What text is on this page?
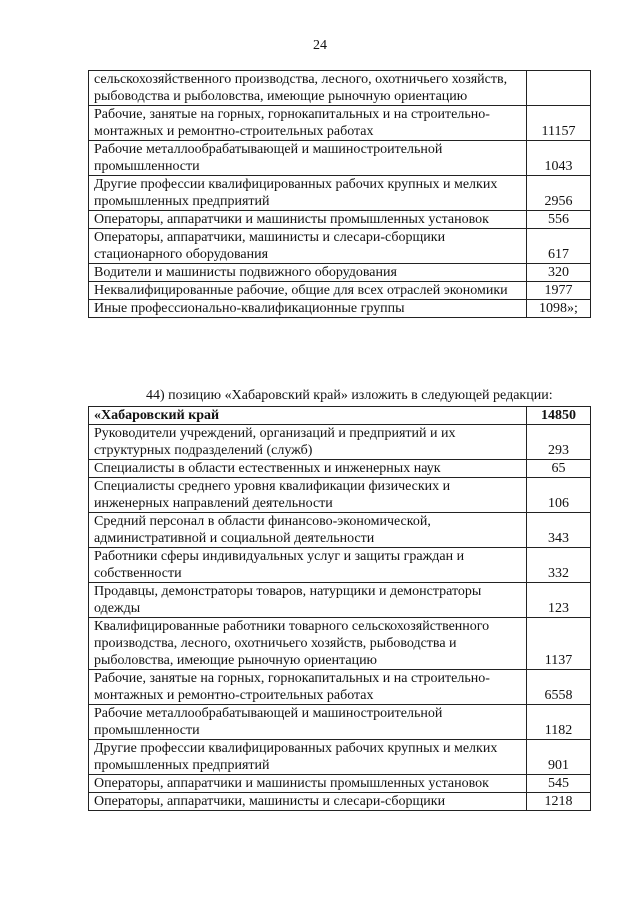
24
сельскохозяйственного производства, лесного, охотничьего хозяйств, рыбоводства и рыболовства, имеющие рыночную ориентацию	
Рабочие, занятые на горных, горнокапитальных и на строительно-монтажных и ремонтно-строительных работах	11157
Рабочие металлообрабатывающей и машиностроительной промышленности	1043
Другие профессии квалифицированных рабочих крупных и мелких промышленных предприятий	2956
Операторы, аппаратчики и машинисты промышленных установок	556
Операторы, аппаратчики, машинисты и слесари-сборщики стационарного оборудования	617
Водители и машинисты подвижного оборудования	320
Неквалифицированные рабочие, общие для всех отраслей экономики	1977
Иные профессионально-квалификационные группы	1098»;
44) позицию «Хабаровский край» изложить в следующей редакции:
«Хабаровский край	14850
Руководители учреждений, организаций и предприятий и их структурных подразделений (служб)	293
Специалисты в области естественных и инженерных наук	65
Специалисты среднего уровня квалификации физических и инженерных направлений деятельности	106
Средний персонал в области финансово-экономической, административной и социальной деятельности	343
Работники сферы индивидуальных услуг и защиты граждан и собственности	332
Продавцы, демонстраторы товаров, натурщики и демонстраторы одежды	123
Квалифицированные работники товарного сельскохозяйственного производства, лесного, охотничьего хозяйств, рыбоводства и рыболовства, имеющие рыночную ориентацию	1137
Рабочие, занятые на горных, горнокапитальных и на строительно-монтажных и ремонтно-строительных работах	6558
Рабочие металлообрабатывающей и машиностроительной промышленности	1182
Другие профессии квалифицированных рабочих крупных и мелких промышленных предприятий	901
Операторы, аппаратчики и машинисты промышленных установок	545
Операторы, аппаратчики, машинисты и слесари-сборщики	1218
